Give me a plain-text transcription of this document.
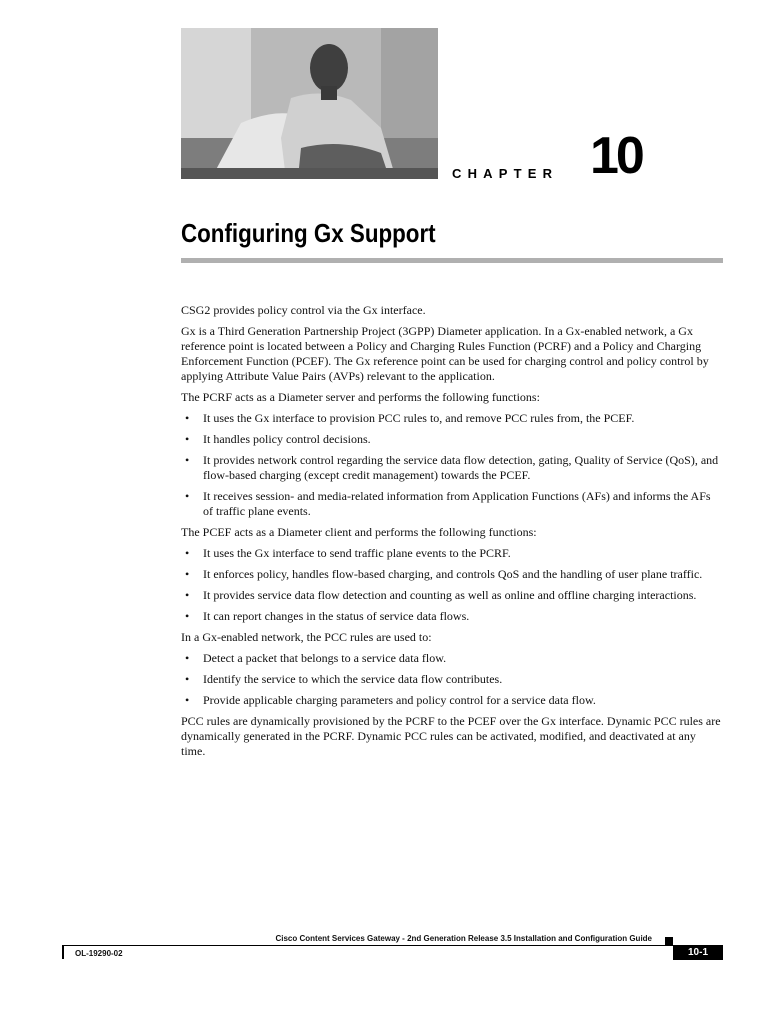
CHAPTER 10
Configuring Gx Support

CSG2 provides policy control via the Gx interface.

Gx is a Third Generation Partnership Project (3GPP) Diameter application. In a Gx-enabled network, a Gx reference point is located between a Policy and Charging Rules Function (PCRF) and a Policy and Charging Enforcement Function (PCEF). The Gx reference point can be used for charging control and policy control by applying Attribute Value Pairs (AVPs) relevant to the application.

The PCRF acts as a Diameter server and performs the following functions:

• It uses the Gx interface to provision PCC rules to, and remove PCC rules from, the PCEF.
• It handles policy control decisions.
• It provides network control regarding the service data flow detection, gating, Quality of Service (QoS), and flow-based charging (except credit management) towards the PCEF.
• It receives session- and media-related information from Application Functions (AFs) and informs the AFs of traffic plane events.

The PCEF acts as a Diameter client and performs the following functions:

• It uses the Gx interface to send traffic plane events to the PCRF.
• It enforces policy, handles flow-based charging, and controls QoS and the handling of user plane traffic.
• It provides service data flow detection and counting as well as online and offline charging interactions.
• It can report changes in the status of service data flows.

In a Gx-enabled network, the PCC rules are used to:

• Detect a packet that belongs to a service data flow.
• Identify the service to which the service data flow contributes.
• Provide applicable charging parameters and policy control for a service data flow.

PCC rules are dynamically provisioned by the PCRF to the PCEF over the Gx interface. Dynamic PCC rules are dynamically generated in the PCRF. Dynamic PCC rules can be activated, modified, and deactivated at any time.

Cisco Content Services Gateway - 2nd Generation Release 3.5 Installation and Configuration Guide
OL-19290-02	10-1
